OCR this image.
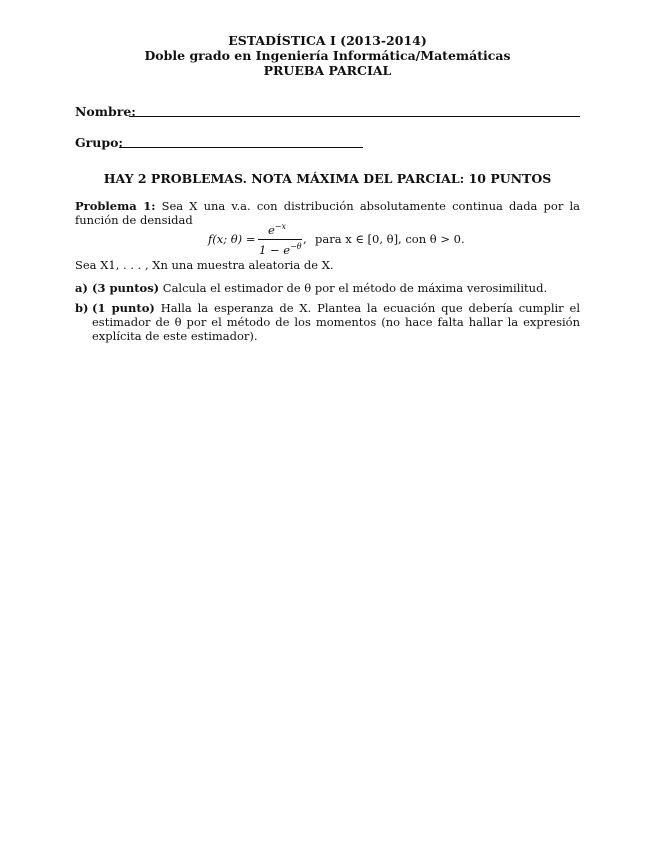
ESTADÍSTICA I (2013-2014)
Doble grado en Ingeniería Informática/Matemáticas
PRUEBA PARCIAL
Nombre:
Grupo:
HAY 2 PROBLEMAS. NOTA MÁXIMA DEL PARCIAL: 10 PUNTOS
Problema 1: Sea X una v.a. con distribución absolutamente continua dada por la función de densidad
f(x; θ) =
$e^{-x}$
$1 - e^{-\theta}$
, para x ∈ [0, θ], con θ > 0.
Sea X1, . . . , Xn una muestra aleatoria de X.
a) (3 puntos) Calcula el estimador de θ por el método de máxima verosimilitud.
b) (1 punto) Halla la esperanza de X. Plantea la ecuación que debería cumplir el estimador de θ por el método de los momentos (no hace falta hallar la expresión explícita de este estimador).
